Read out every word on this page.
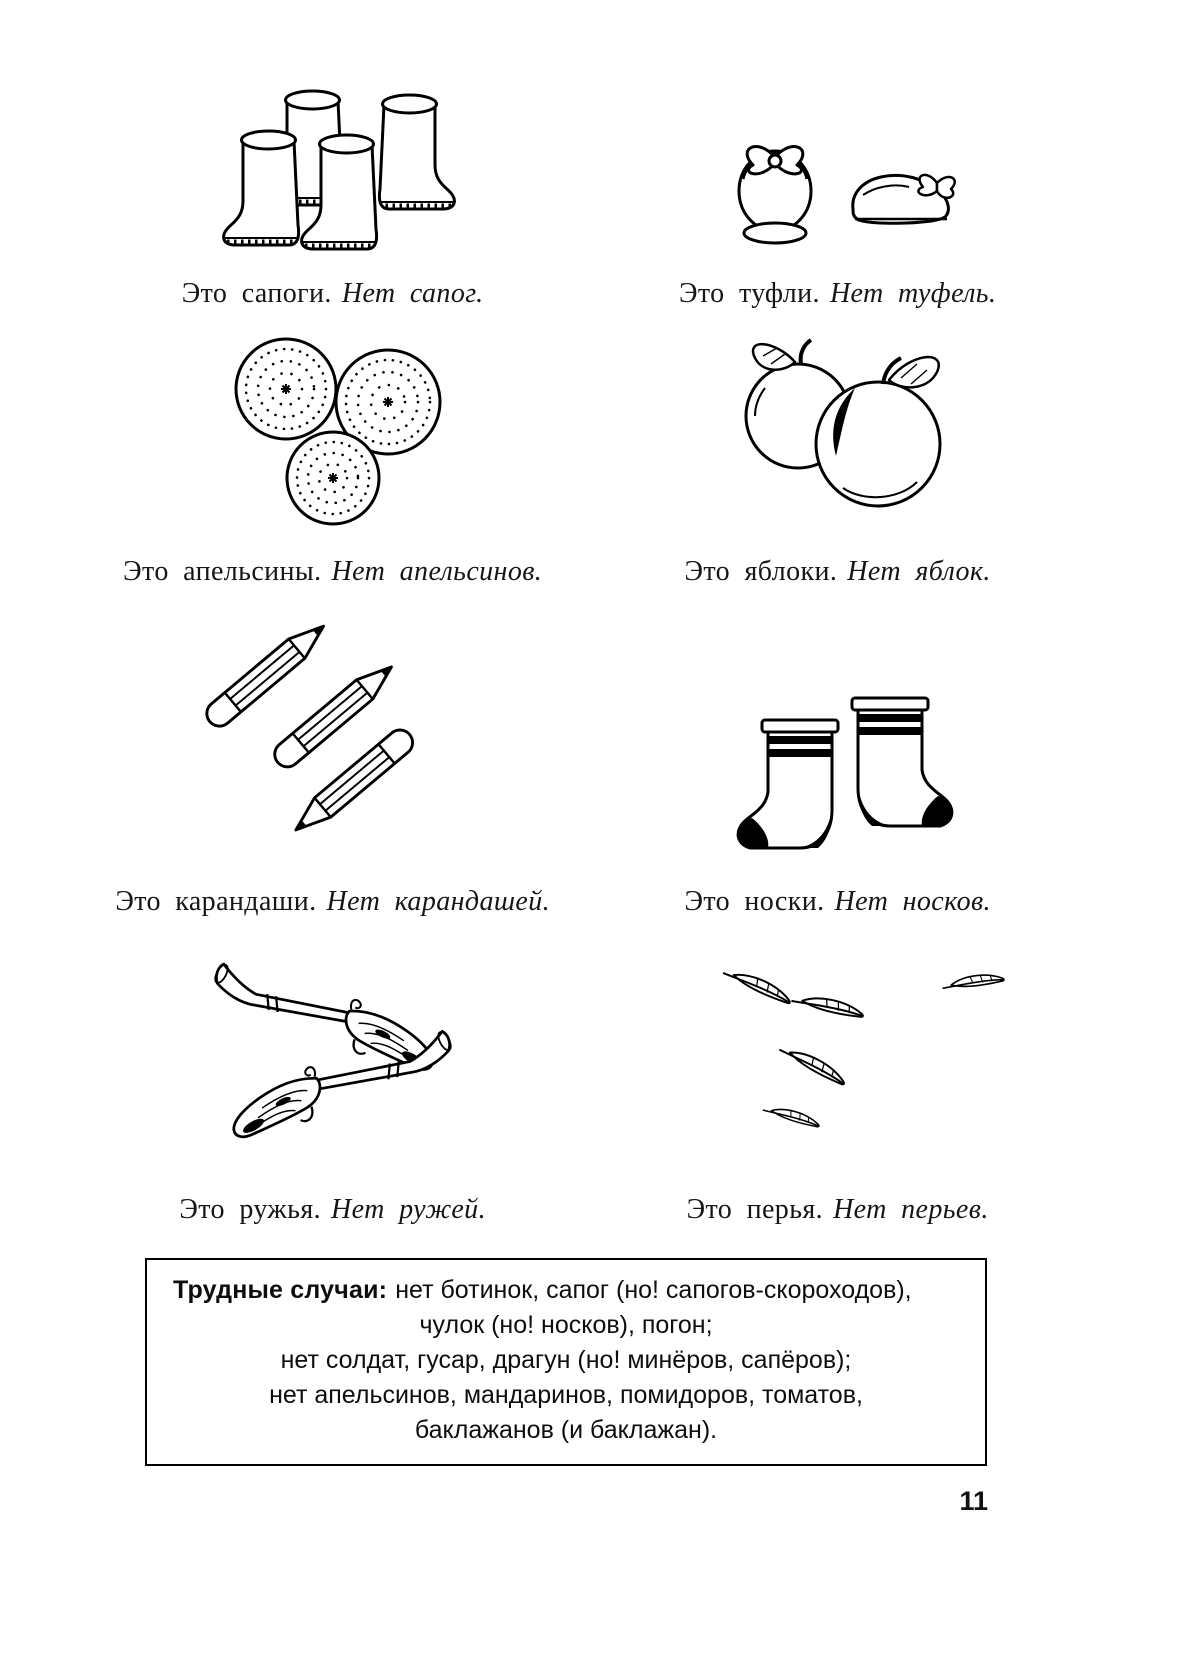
Это сапоги. Нет сапог.	Это туфли. Нет туфель.
Это апельсины. Нет апельсинов.	Это яблоки. Нет яблок.
Это карандаши. Нет карандашей.	Это носки. Нет носков.
Это ружья. Нет ружей.	Это перья. Нет перьев.
Трудные случаи: нет ботинок, сапог (но! сапогов-скороходов),
чулок (но! носков), погон;
нет солдат, гусар, драгун (но! минёров, сапёров);
нет апельсинов, мандаринов, помидоров, томатов,
баклажанов (и баклажан).
11
